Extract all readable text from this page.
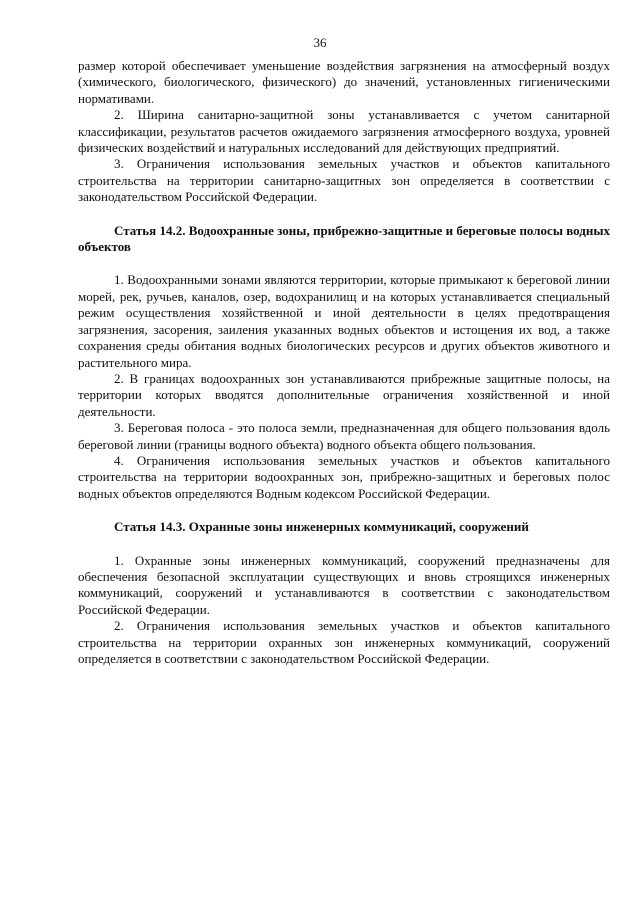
36

размер которой обеспечивает уменьшение воздействия загрязнения на атмосферный воздух (химического, биологического, физического) до значений, установленных гигиеническими нормативами.

2. Ширина санитарно-защитной зоны устанавливается с учетом санитарной классификации, результатов расчетов ожидаемого загрязнения атмосферного воздуха, уровней физических воздействий и натуральных исследований для действующих предприятий.

3. Ограничения использования земельных участков и объектов капитального строительства на территории санитарно-защитных зон определяется в соответствии с законодательством Российской Федерации.

Статья 14.2. Водоохранные зоны, прибрежно-защитные и береговые полосы водных объектов

1. Водоохранными зонами являются территории, которые примыкают к береговой линии морей, рек, ручьев, каналов, озер, водохранилищ и на которых устанавливается специальный режим осуществления хозяйственной и иной деятельности в целях предотвращения загрязнения, засорения, заиления указанных водных объектов и истощения их вод, а также сохранения среды обитания водных биологических ресурсов и других объектов животного и растительного мира.

2. В границах водоохранных зон устанавливаются прибрежные защитные полосы, на территории которых вводятся дополнительные ограничения хозяйственной и иной деятельности.

3. Береговая полоса - это полоса земли, предназначенная для общего пользования вдоль береговой линии (границы водного объекта) водного объекта общего пользования.

4. Ограничения использования земельных участков и объектов капитального строительства на территории водоохранных зон, прибрежно-защитных и береговых полос водных объектов определяются Водным кодексом Российской Федерации.

Статья 14.3. Охранные зоны инженерных коммуникаций, сооружений

1. Охранные зоны инженерных коммуникаций, сооружений предназначены для обеспечения безопасной эксплуатации существующих и вновь строящихся инженерных коммуникаций, сооружений и устанавливаются в соответствии с законодательством Российской Федерации.

2. Ограничения использования земельных участков и объектов капитального строительства на территории охранных зон инженерных коммуникаций, сооружений определяется в соответствии с законодательством Российской Федерации.
